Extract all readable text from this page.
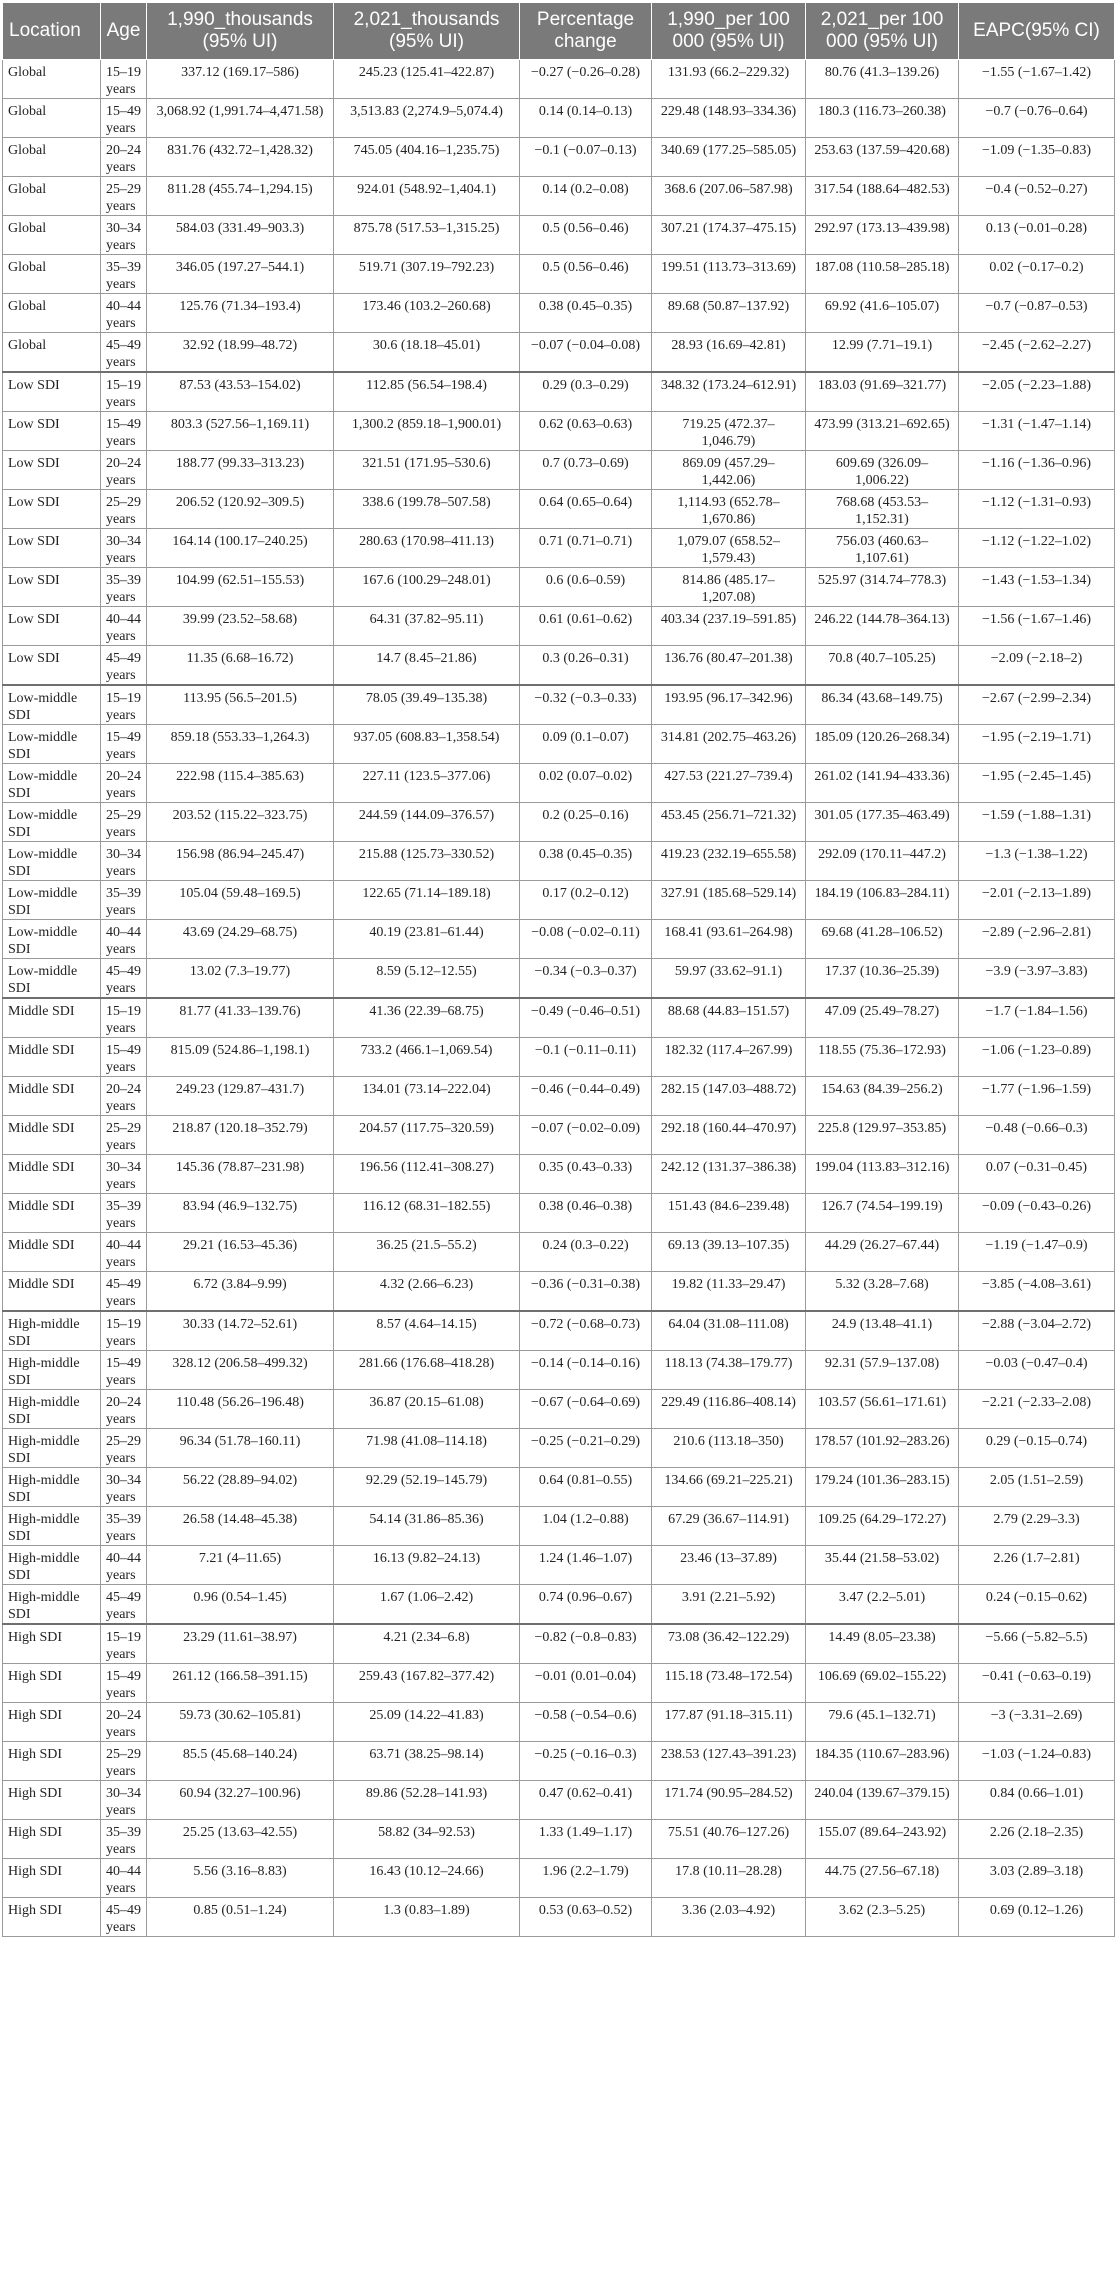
Location	Age	1,990_thousands (95% UI)	2,021_thousands (95% UI)	Percentage change	1,990_per 100 000 (95% UI)	2,021_per 100 000 (95% UI)	EAPC(95% CI)
Global	15–19 years	337.12 (169.17–586)	245.23 (125.41–422.87)	−0.27 (−0.26–0.28)	131.93 (66.2–229.32)	80.76 (41.3–139.26)	−1.55 (−1.67–1.42)
Global	15–49 years	3,068.92 (1,991.74–4,471.58)	3,513.83 (2,274.9–5,074.4)	0.14 (0.14–0.13)	229.48 (148.93–334.36)	180.3 (116.73–260.38)	−0.7 (−0.76–0.64)
Global	20–24 years	831.76 (432.72–1,428.32)	745.05 (404.16–1,235.75)	−0.1 (−0.07–0.13)	340.69 (177.25–585.05)	253.63 (137.59–420.68)	−1.09 (−1.35–0.83)
Global	25–29 years	811.28 (455.74–1,294.15)	924.01 (548.92–1,404.1)	0.14 (0.2–0.08)	368.6 (207.06–587.98)	317.54 (188.64–482.53)	−0.4 (−0.52–0.27)
Global	30–34 years	584.03 (331.49–903.3)	875.78 (517.53–1,315.25)	0.5 (0.56–0.46)	307.21 (174.37–475.15)	292.97 (173.13–439.98)	0.13 (−0.01–0.28)
Global	35–39 years	346.05 (197.27–544.1)	519.71 (307.19–792.23)	0.5 (0.56–0.46)	199.51 (113.73–313.69)	187.08 (110.58–285.18)	0.02 (−0.17–0.2)
Global	40–44 years	125.76 (71.34–193.4)	173.46 (103.2–260.68)	0.38 (0.45–0.35)	89.68 (50.87–137.92)	69.92 (41.6–105.07)	−0.7 (−0.87–0.53)
Global	45–49 years	32.92 (18.99–48.72)	30.6 (18.18–45.01)	−0.07 (−0.04–0.08)	28.93 (16.69–42.81)	12.99 (7.71–19.1)	−2.45 (−2.62–2.27)
Low SDI	15–19 years	87.53 (43.53–154.02)	112.85 (56.54–198.4)	0.29 (0.3–0.29)	348.32 (173.24–612.91)	183.03 (91.69–321.77)	−2.05 (−2.23–1.88)
Low SDI	15–49 years	803.3 (527.56–1,169.11)	1,300.2 (859.18–1,900.01)	0.62 (0.63–0.63)	719.25 (472.37–1,046.79)	473.99 (313.21–692.65)	−1.31 (−1.47–1.14)
Low SDI	20–24 years	188.77 (99.33–313.23)	321.51 (171.95–530.6)	0.7 (0.73–0.69)	869.09 (457.29–1,442.06)	609.69 (326.09–1,006.22)	−1.16 (−1.36–0.96)
Low SDI	25–29 years	206.52 (120.92–309.5)	338.6 (199.78–507.58)	0.64 (0.65–0.64)	1,114.93 (652.78–1,670.86)	768.68 (453.53–1,152.31)	−1.12 (−1.31–0.93)
Low SDI	30–34 years	164.14 (100.17–240.25)	280.63 (170.98–411.13)	0.71 (0.71–0.71)	1,079.07 (658.52–1,579.43)	756.03 (460.63–1,107.61)	−1.12 (−1.22–1.02)
Low SDI	35–39 years	104.99 (62.51–155.53)	167.6 (100.29–248.01)	0.6 (0.6–0.59)	814.86 (485.17–1,207.08)	525.97 (314.74–778.3)	−1.43 (−1.53–1.34)
Low SDI	40–44 years	39.99 (23.52–58.68)	64.31 (37.82–95.11)	0.61 (0.61–0.62)	403.34 (237.19–591.85)	246.22 (144.78–364.13)	−1.56 (−1.67–1.46)
Low SDI	45–49 years	11.35 (6.68–16.72)	14.7 (8.45–21.86)	0.3 (0.26–0.31)	136.76 (80.47–201.38)	70.8 (40.7–105.25)	−2.09 (−2.18–2)
Low-middle SDI	15–19 years	113.95 (56.5–201.5)	78.05 (39.49–135.38)	−0.32 (−0.3–0.33)	193.95 (96.17–342.96)	86.34 (43.68–149.75)	−2.67 (−2.99–2.34)
Low-middle SDI	15–49 years	859.18 (553.33–1,264.3)	937.05 (608.83–1,358.54)	0.09 (0.1–0.07)	314.81 (202.75–463.26)	185.09 (120.26–268.34)	−1.95 (−2.19–1.71)
Low-middle SDI	20–24 years	222.98 (115.4–385.63)	227.11 (123.5–377.06)	0.02 (0.07–0.02)	427.53 (221.27–739.4)	261.02 (141.94–433.36)	−1.95 (−2.45–1.45)
Low-middle SDI	25–29 years	203.52 (115.22–323.75)	244.59 (144.09–376.57)	0.2 (0.25–0.16)	453.45 (256.71–721.32)	301.05 (177.35–463.49)	−1.59 (−1.88–1.31)
Low-middle SDI	30–34 years	156.98 (86.94–245.47)	215.88 (125.73–330.52)	0.38 (0.45–0.35)	419.23 (232.19–655.58)	292.09 (170.11–447.2)	−1.3 (−1.38–1.22)
Low-middle SDI	35–39 years	105.04 (59.48–169.5)	122.65 (71.14–189.18)	0.17 (0.2–0.12)	327.91 (185.68–529.14)	184.19 (106.83–284.11)	−2.01 (−2.13–1.89)
Low-middle SDI	40–44 years	43.69 (24.29–68.75)	40.19 (23.81–61.44)	−0.08 (−0.02–0.11)	168.41 (93.61–264.98)	69.68 (41.28–106.52)	−2.89 (−2.96–2.81)
Low-middle SDI	45–49 years	13.02 (7.3–19.77)	8.59 (5.12–12.55)	−0.34 (−0.3–0.37)	59.97 (33.62–91.1)	17.37 (10.36–25.39)	−3.9 (−3.97–3.83)
Middle SDI	15–19 years	81.77 (41.33–139.76)	41.36 (22.39–68.75)	−0.49 (−0.46–0.51)	88.68 (44.83–151.57)	47.09 (25.49–78.27)	−1.7 (−1.84–1.56)
Middle SDI	15–49 years	815.09 (524.86–1,198.1)	733.2 (466.1–1,069.54)	−0.1 (−0.11–0.11)	182.32 (117.4–267.99)	118.55 (75.36–172.93)	−1.06 (−1.23–0.89)
Middle SDI	20–24 years	249.23 (129.87–431.7)	134.01 (73.14–222.04)	−0.46 (−0.44–0.49)	282.15 (147.03–488.72)	154.63 (84.39–256.2)	−1.77 (−1.96–1.59)
Middle SDI	25–29 years	218.87 (120.18–352.79)	204.57 (117.75–320.59)	−0.07 (−0.02–0.09)	292.18 (160.44–470.97)	225.8 (129.97–353.85)	−0.48 (−0.66–0.3)
Middle SDI	30–34 years	145.36 (78.87–231.98)	196.56 (112.41–308.27)	0.35 (0.43–0.33)	242.12 (131.37–386.38)	199.04 (113.83–312.16)	0.07 (−0.31–0.45)
Middle SDI	35–39 years	83.94 (46.9–132.75)	116.12 (68.31–182.55)	0.38 (0.46–0.38)	151.43 (84.6–239.48)	126.7 (74.54–199.19)	−0.09 (−0.43–0.26)
Middle SDI	40–44 years	29.21 (16.53–45.36)	36.25 (21.5–55.2)	0.24 (0.3–0.22)	69.13 (39.13–107.35)	44.29 (26.27–67.44)	−1.19 (−1.47–0.9)
Middle SDI	45–49 years	6.72 (3.84–9.99)	4.32 (2.66–6.23)	−0.36 (−0.31–0.38)	19.82 (11.33–29.47)	5.32 (3.28–7.68)	−3.85 (−4.08–3.61)
High-middle SDI	15–19 years	30.33 (14.72–52.61)	8.57 (4.64–14.15)	−0.72 (−0.68–0.73)	64.04 (31.08–111.08)	24.9 (13.48–41.1)	−2.88 (−3.04–2.72)
High-middle SDI	15–49 years	328.12 (206.58–499.32)	281.66 (176.68–418.28)	−0.14 (−0.14–0.16)	118.13 (74.38–179.77)	92.31 (57.9–137.08)	−0.03 (−0.47–0.4)
High-middle SDI	20–24 years	110.48 (56.26–196.48)	36.87 (20.15–61.08)	−0.67 (−0.64–0.69)	229.49 (116.86–408.14)	103.57 (56.61–171.61)	−2.21 (−2.33–2.08)
High-middle SDI	25–29 years	96.34 (51.78–160.11)	71.98 (41.08–114.18)	−0.25 (−0.21–0.29)	210.6 (113.18–350)	178.57 (101.92–283.26)	0.29 (−0.15–0.74)
High-middle SDI	30–34 years	56.22 (28.89–94.02)	92.29 (52.19–145.79)	0.64 (0.81–0.55)	134.66 (69.21–225.21)	179.24 (101.36–283.15)	2.05 (1.51–2.59)
High-middle SDI	35–39 years	26.58 (14.48–45.38)	54.14 (31.86–85.36)	1.04 (1.2–0.88)	67.29 (36.67–114.91)	109.25 (64.29–172.27)	2.79 (2.29–3.3)
High-middle SDI	40–44 years	7.21 (4–11.65)	16.13 (9.82–24.13)	1.24 (1.46–1.07)	23.46 (13–37.89)	35.44 (21.58–53.02)	2.26 (1.7–2.81)
High-middle SDI	45–49 years	0.96 (0.54–1.45)	1.67 (1.06–2.42)	0.74 (0.96–0.67)	3.91 (2.21–5.92)	3.47 (2.2–5.01)	0.24 (−0.15–0.62)
High SDI	15–19 years	23.29 (11.61–38.97)	4.21 (2.34–6.8)	−0.82 (−0.8–0.83)	73.08 (36.42–122.29)	14.49 (8.05–23.38)	−5.66 (−5.82–5.5)
High SDI	15–49 years	261.12 (166.58–391.15)	259.43 (167.82–377.42)	−0.01 (0.01–0.04)	115.18 (73.48–172.54)	106.69 (69.02–155.22)	−0.41 (−0.63–0.19)
High SDI	20–24 years	59.73 (30.62–105.81)	25.09 (14.22–41.83)	−0.58 (−0.54–0.6)	177.87 (91.18–315.11)	79.6 (45.1–132.71)	−3 (−3.31–2.69)
High SDI	25–29 years	85.5 (45.68–140.24)	63.71 (38.25–98.14)	−0.25 (−0.16–0.3)	238.53 (127.43–391.23)	184.35 (110.67–283.96)	−1.03 (−1.24–0.83)
High SDI	30–34 years	60.94 (32.27–100.96)	89.86 (52.28–141.93)	0.47 (0.62–0.41)	171.74 (90.95–284.52)	240.04 (139.67–379.15)	0.84 (0.66–1.01)
High SDI	35–39 years	25.25 (13.63–42.55)	58.82 (34–92.53)	1.33 (1.49–1.17)	75.51 (40.76–127.26)	155.07 (89.64–243.92)	2.26 (2.18–2.35)
High SDI	40–44 years	5.56 (3.16–8.83)	16.43 (10.12–24.66)	1.96 (2.2–1.79)	17.8 (10.11–28.28)	44.75 (27.56–67.18)	3.03 (2.89–3.18)
High SDI	45–49 years	0.85 (0.51–1.24)	1.3 (0.83–1.89)	0.53 (0.63–0.52)	3.36 (2.03–4.92)	3.62 (2.3–5.25)	0.69 (0.12–1.26)
